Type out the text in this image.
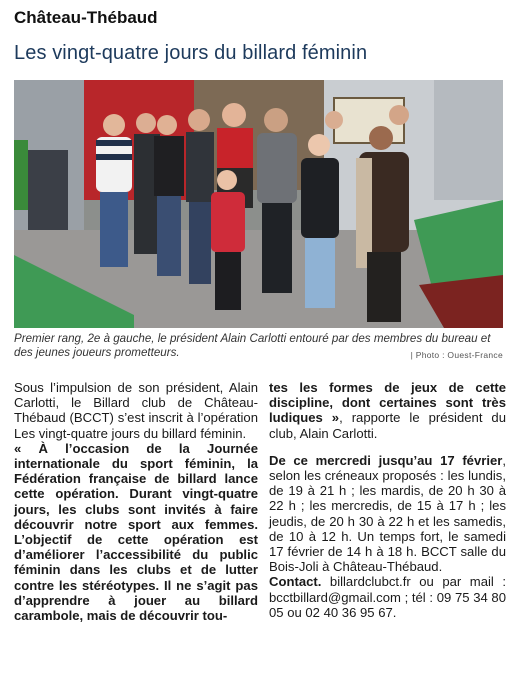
Château-Thébaud
Les vingt-quatre jours du billard féminin
Premier rang, 2e à gauche, le président Alain Carlotti entouré par des membres du bureau et des jeunes joueurs prometteurs.	| Photo : Ouest-France

Sous l’impulsion de son président, Alain Carlotti, le Billard club de Château-Thébaud (BCCT) s’est inscrit à l’opération Les vingt-quatre jours du billard féminin.

« À l’occasion de la Journée internationale du sport féminin, la Fédération française de billard lance cette opération. Durant vingt-quatre jours, les clubs sont invités à faire découvrir notre sport aux femmes. L’objectif de cette opération est d’améliorer l’accessibilité du public féminin dans les clubs et de lutter contre les stéréotypes. Il ne s’agit pas d’apprendre à jouer au billard carambole, mais de découvrir tou-

tes les formes de jeux de cette discipline, dont certaines sont très ludiques », rapporte le président du club, Alain Carlotti.

De ce mercredi jusqu’au 17 février, selon les créneaux proposés : les lundis, de 19 à 21 h ; les mardis, de 20 h 30 à 22 h ; les mercredis, de 15 à 17 h ; les jeudis, de 20 h 30 à 22 h et les samedis, de 10 à 12 h. Un temps fort, le samedi 17 février de 14 h à 18 h. BCCT salle du Bois-Joli à Château-Thébaud.

Contact. billardclubct.fr ou par mail : bcctbillard@gmail.com ; tél : 09 75 34 80 05 ou 02 40 36 95 67.
